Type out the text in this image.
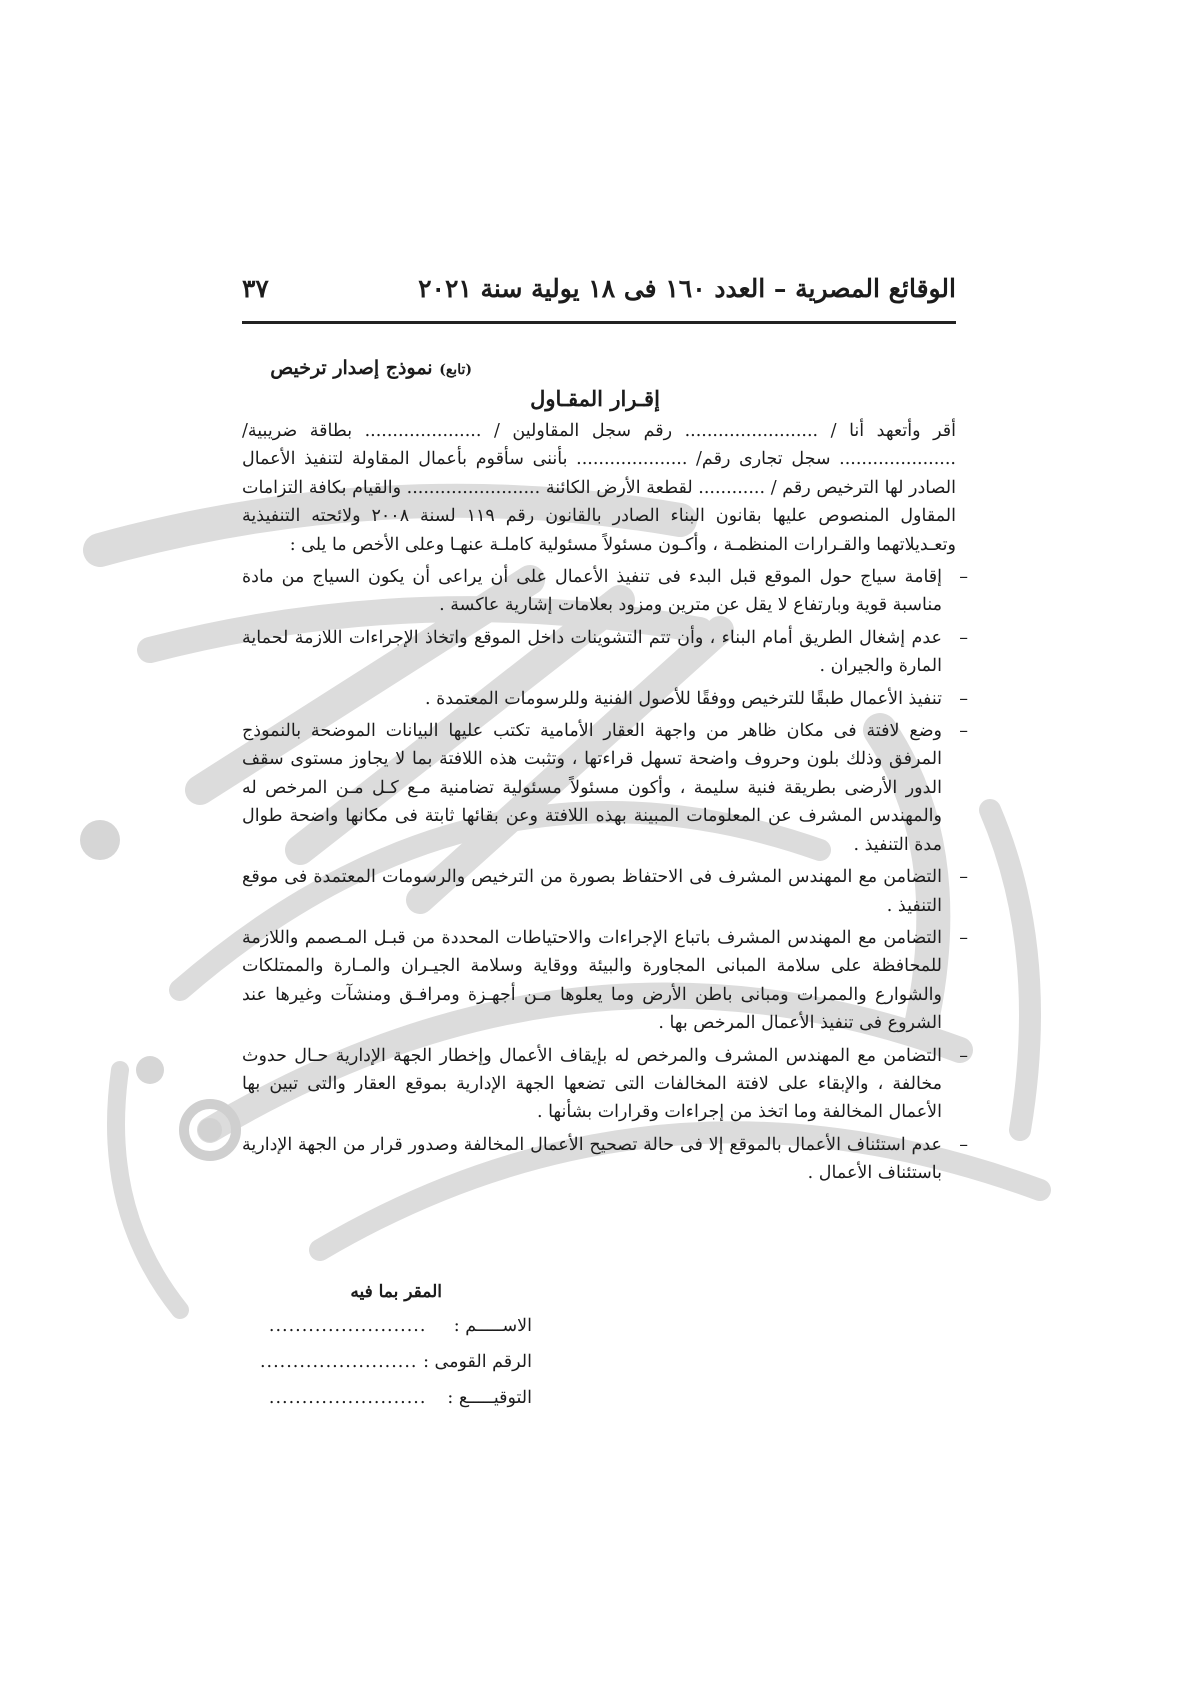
الوقائع المصرية – العدد ١٦٠ فى ١٨ يولية سنة ٢٠٢١
٣٧
(تابع) نموذج إصدار ترخيص
إقـرار المقـاول

أقر وأتعهد أنا / ........................ رقم سجل المقاولين / ..................... بطاقة ضريبية/ ..................... سجل تجارى رقم/ .................... بأننى سأقوم بأعمال المقاولة لتنفيذ الأعمال الصادر لها الترخيص رقم / ............ لقطعة الأرض الكائنة ........................ والقيام بكافة التزامات المقاول المنصوص عليها بقانون البناء الصادر بالقانون رقم ١١٩ لسنة ٢٠٠٨ ولائحته التنفيذية وتعـديلاتهما والقـرارات المنظمـة ، وأكـون مسئولاً مسئولية كاملـة عنهـا وعلى الأخص ما يلى :

–
إقامة سياج حول الموقع قبل البدء فى تنفيذ الأعمال على أن يراعى أن يكون السياج من مادة مناسبة قوية وبارتفاع لا يقل عن مترين ومزود بعلامات إشارية عاكسة .
–
عدم إشغال الطريق أمام البناء ، وأن تتم التشوينات داخل الموقع واتخاذ الإجراءات اللازمة لحماية المارة والجيران .
–
تنفيذ الأعمال طبقًا للترخيص ووفقًا للأصول الفنية وللرسومات المعتمدة .
–
وضع لافتة فى مكان ظاهر من واجهة العقار الأمامية تكتب عليها البيانات الموضحة بالنموذج المرفق وذلك بلون وحروف واضحة تسهل قراءتها ، وتثبت هذه اللافتة بما لا يجاوز مستوى سقف الدور الأرضى بطريقة فنية سليمة ، وأكون مسئولاً مسئولية تضامنية مـع كـل مـن المرخص له والمهندس المشرف عن المعلومات المبينة بهذه اللافتة وعن بقائها ثابتة فى مكانها واضحة طوال مدة التنفيذ .
–
التضامن مع المهندس المشرف فى الاحتفاظ بصورة من الترخيص والرسومات المعتمدة فى موقع التنفيذ .
–
التضامن مع المهندس المشرف باتباع الإجراءات والاحتياطات المحددة من قبـل المـصمم واللازمة للمحافظة على سلامة المبانى المجاورة والبيئة ووقاية وسلامة الجيـران والمـارة والممتلكات والشوارع والممرات ومبانى باطن الأرض وما يعلوها مـن أجهـزة ومرافـق ومنشآت وغيرها عند الشروع فى تنفيذ الأعمال المرخص بها .
–
التضامن مع المهندس المشرف والمرخص له بإيقاف الأعمال وإخطار الجهة الإدارية حـال حدوث مخالفة ، والإبقاء على لافتة المخالفات التى تضعها الجهة الإدارية بموقع العقار والتى تبين بها الأعمال المخالفة وما اتخذ من إجراءات وقرارات بشأنها .
–
عدم استئناف الأعمال بالموقع إلا فى حالة تصحيح الأعمال المخالفة وصدور قرار من الجهة الإدارية باستئناف الأعمال .
المقر بما فيه
الاســـــم : ........................
الرقم القومى : ........................
التوقيـــــع : ........................
